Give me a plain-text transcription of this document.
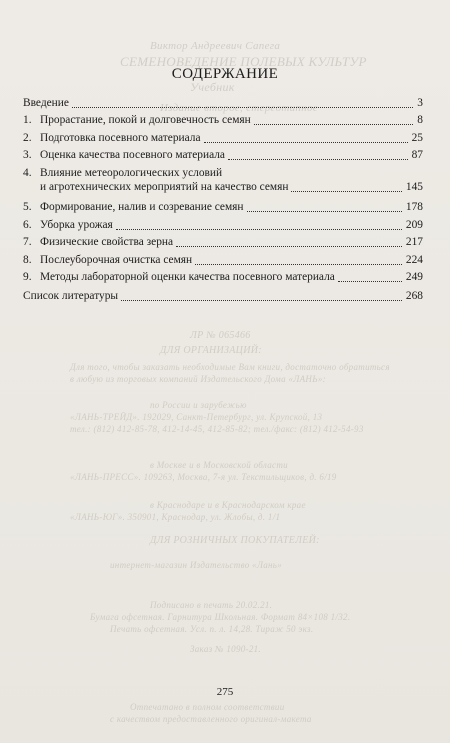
Виктор Андреевич Сапега
СЕМЕНОВЕДЕНИЕ ПОЛЕВЫХ КУЛЬТУР
Учебник
Издание второе, стереотипное
ЛР № 065466
ДЛЯ ОРГАНИЗАЦИЙ:
Для того, чтобы заказать необходимые Вам книги, достаточно обратиться
в любую из торговых компаний Издательского Дома «ЛАНЬ»:
по России и зарубежью
«ЛАНЬ-ТРЕЙД». 192029, Санкт-Петербург, ул. Крупской, 13
тел.: (812) 412-85-78, 412-14-45, 412-85-82; тел./факс: (812) 412-54-93
в Москве и в Московской области
«ЛАНЬ-ПРЕСС». 109263, Москва, 7-я ул. Текстильщиков, д. 6/19
в Краснодаре и в Краснодарском крае
«ЛАНЬ-ЮГ». 350901, Краснодар, ул. Жлобы, д. 1/1
ДЛЯ РОЗНИЧНЫХ ПОКУПАТЕЛЕЙ:
интернет-магазин Издательство «Лань»
Подписано в печать 20.02.21.
Бумага офсетная. Гарнитура Школьная. Формат 84×108 1/32.
Печать офсетная. Усл. п. л. 14,28. Тираж 50 экз.
Заказ № 1090-21.
Отпечатано в полном соответствии
с качеством предоставленного оригинал-макета
СОДЕРЖАНИЕ
Введение	3
1. Прорастание, покой и долговечность семян	8
2. Подготовка посевного материала	25
3. Оценка качества посевного материала	87
4. Влияние метеорологических условий
и агротехнических мероприятий на качество семян	145
5. Формирование, налив и созревание семян	178
6. Уборка урожая	209
7. Физические свойства зерна	217
8. Послеуборочная очистка семян	224
9. Методы лабораторной оценки качества посевного материала	249
Список литературы	268
275
